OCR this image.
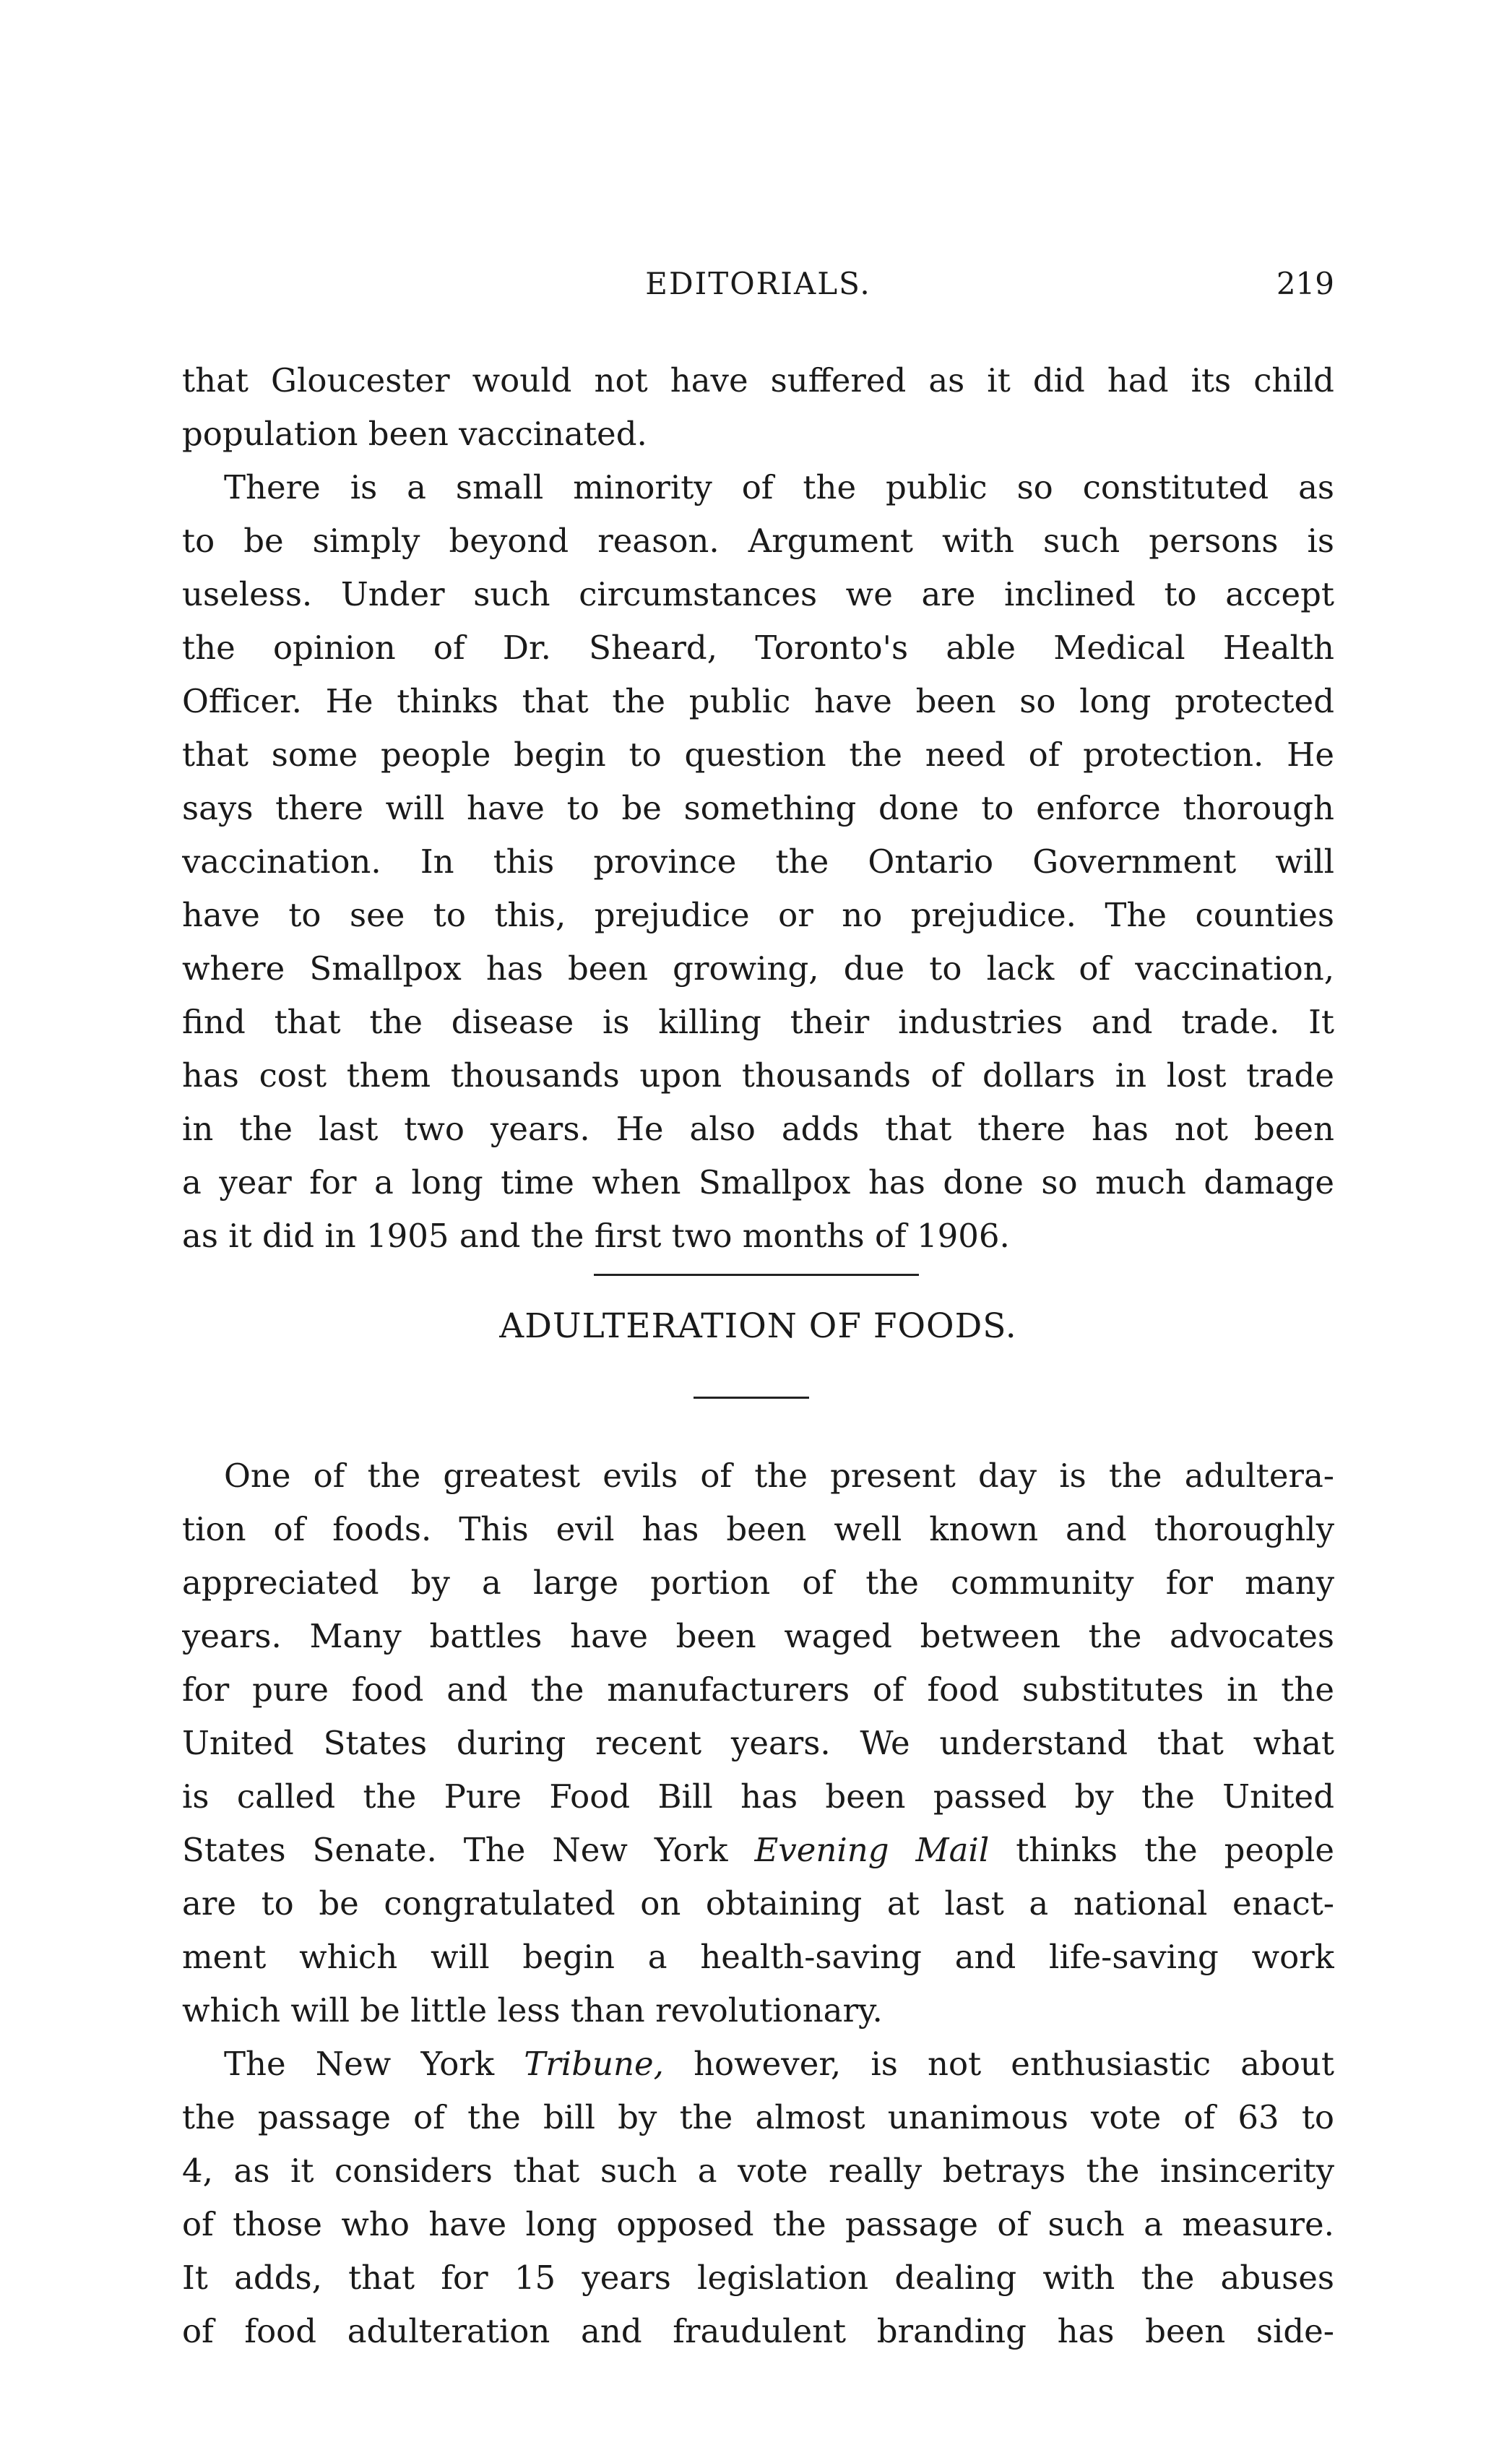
EDITORIALS.	219
that Gloucester would not have suffered as it did had its child
population been vaccinated.
There is a small minority of the public so constituted as
to be simply beyond reason. Argument with such persons is
useless. Under such circumstances we are inclined to accept
the opinion of Dr. Sheard, Toronto's able Medical Health
Officer. He thinks that the public have been so long protected
that some people begin to question the need of protection. He
says there will have to be something done to enforce thorough
vaccination. In this province the Ontario Government will
have to see to this, prejudice or no prejudice. The counties
where Smallpox has been growing, due to lack of vaccination,
find that the disease is killing their industries and trade. It
has cost them thousands upon thousands of dollars in lost trade
in the last two years. He also adds that there has not been
a year for a long time when Smallpox has done so much damage
as it did in 1905 and the first two months of 1906.
ADULTERATION OF FOODS.
One of the greatest evils of the present day is the adultera-
tion of foods. This evil has been well known and thoroughly
appreciated by a large portion of the community for many
years. Many battles have been waged between the advocates
for pure food and the manufacturers of food substitutes in the
United States during recent years. We understand that what
is called the Pure Food Bill has been passed by the United
States Senate. The New York Evening Mail thinks the people
are to be congratulated on obtaining at last a national enact-
ment which will begin a health-saving and life-saving work
which will be little less than revolutionary.
The New York Tribune, however, is not enthusiastic about
the passage of the bill by the almost unanimous vote of 63 to
4, as it considers that such a vote really betrays the insincerity
of those who have long opposed the passage of such a measure.
It adds, that for 15 years legislation dealing with the abuses
of food adulteration and fraudulent branding has been side-
